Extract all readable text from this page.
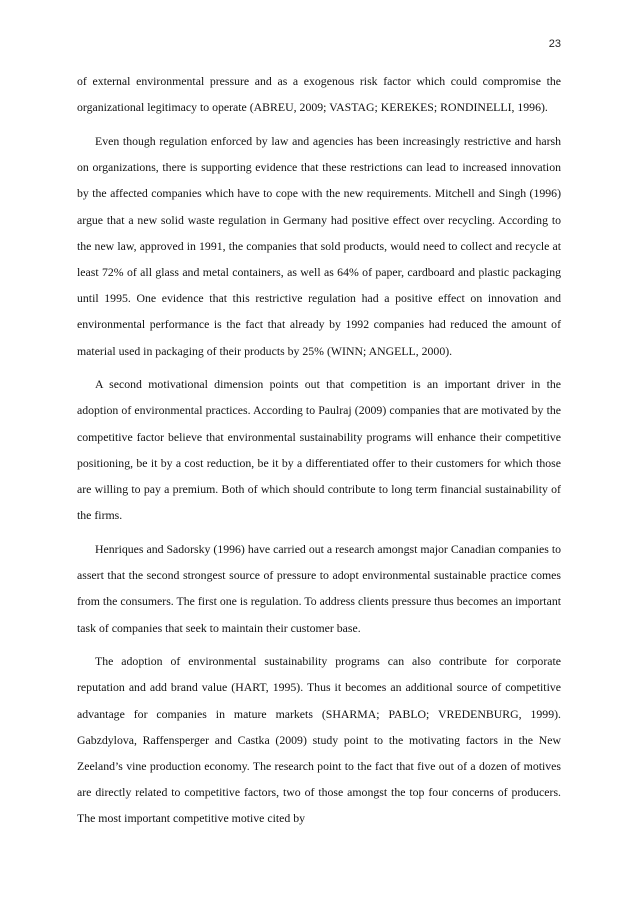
23

of external environmental pressure and as a exogenous risk factor which could compromise the organizational legitimacy to operate (ABREU, 2009; VASTAG; KEREKES; RONDINELLI, 1996).

Even though regulation enforced by law and agencies has been increasingly restrictive and harsh on organizations, there is supporting evidence that these restrictions can lead to increased innovation by the affected companies which have to cope with the new requirements. Mitchell and Singh (1996) argue that a new solid waste regulation in Germany had positive effect over recycling. According to the new law, approved in 1991, the companies that sold products, would need to collect and recycle at least 72% of all glass and metal containers, as well as 64% of paper, cardboard and plastic packaging until 1995. One evidence that this restrictive regulation had a positive effect on innovation and environmental performance is the fact that already by 1992 companies had reduced the amount of material used in packaging of their products by 25% (WINN; ANGELL, 2000).

A second motivational dimension points out that competition is an important driver in the adoption of environmental practices. According to Paulraj (2009) companies that are motivated by the competitive factor believe that environmental sustainability programs will enhance their competitive positioning, be it by a cost reduction, be it by a differentiated offer to their customers for which those are willing to pay a premium. Both of which should contribute to long term financial sustainability of the firms.

Henriques and Sadorsky (1996) have carried out a research amongst major Canadian companies to assert that the second strongest source of pressure to adopt environmental sustainable practice comes from the consumers. The first one is regulation. To address clients pressure thus becomes an important task of companies that seek to maintain their customer base.

The adoption of environmental sustainability programs can also contribute for corporate reputation and add brand value (HART, 1995). Thus it becomes an additional source of competitive advantage for companies in mature markets (SHARMA; PABLO; VREDENBURG, 1999). Gabzdylova, Raffensperger and Castka (2009) study point to the motivating factors in the New Zeeland’s vine production economy. The research point to the fact that five out of a dozen of motives are directly related to competitive factors, two of those amongst the top four concerns of producers. The most important competitive motive cited by
